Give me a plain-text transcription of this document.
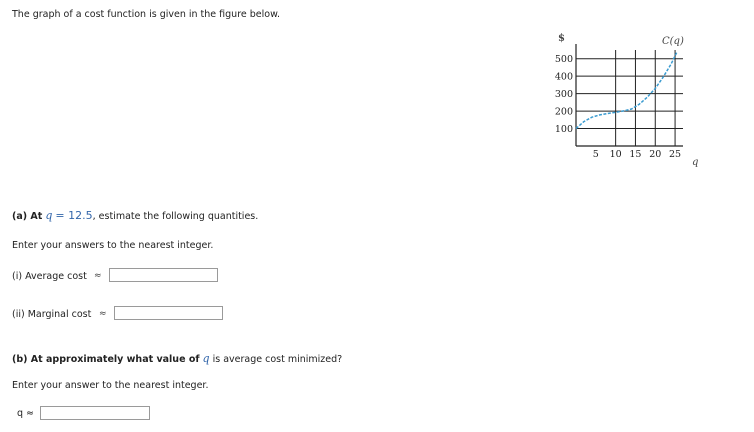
The graph of a cost function is given in the figure below.
100
200
300
400
500
5 10 15 20 25
$	C(q)
q
(a) At q = 12.5, estimate the following quantities.
Enter your answers to the nearest integer.
(i) Average cost ≈
(ii) Marginal cost ≈
(b) At approximately what value of q is average cost minimized?
Enter your answer to the nearest integer.
q ≈
